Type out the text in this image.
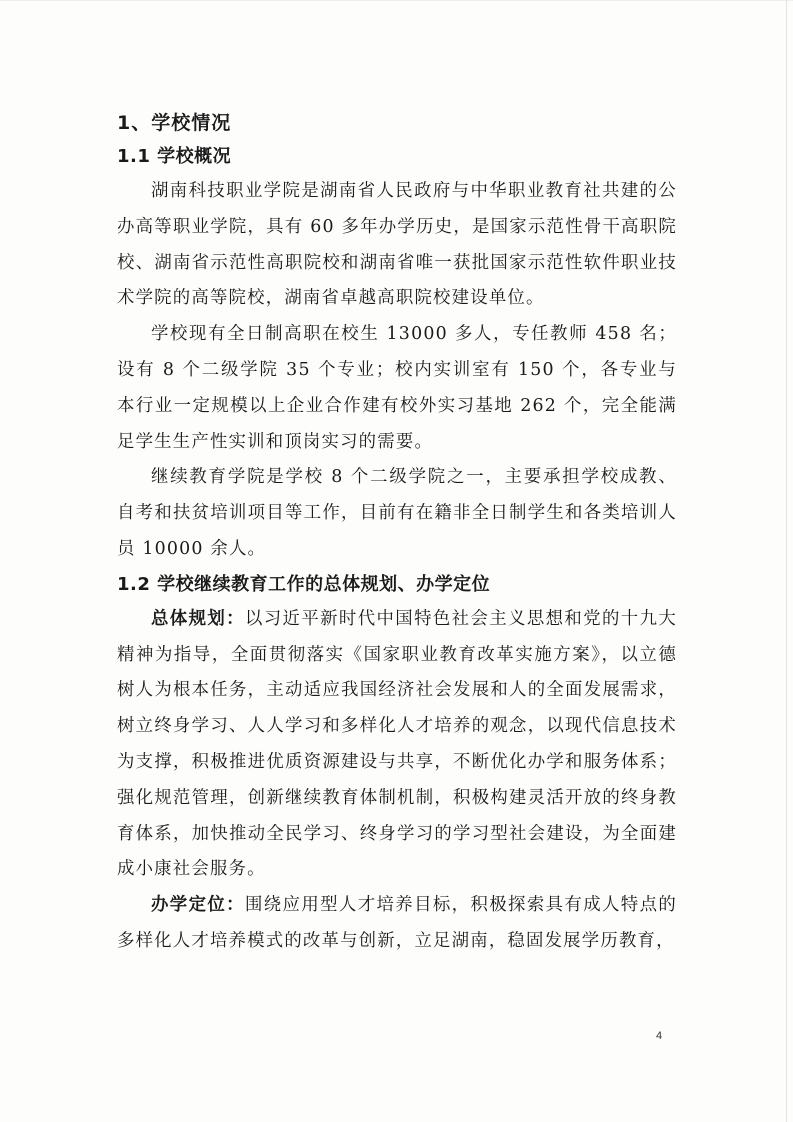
1、学校情况
1.1 学校概况

湖南科技职业学院是湖南省人民政府与中华职业教育社共建的公办高等职业学院，具有 60 多年办学历史，是国家示范性骨干高职院校、湖南省示范性高职院校和湖南省唯一获批国家示范性软件职业技术学院的高等院校，湖南省卓越高职院校建设单位。

学校现有全日制高职在校生 13000 多人，专任教师 458 名；设有 8 个二级学院 35 个专业；校内实训室有 150 个，各专业与本行业一定规模以上企业合作建有校外实习基地 262 个，完全能满足学生生产性实训和顶岗实习的需要。

继续教育学院是学校 8 个二级学院之一，主要承担学校成教、自考和扶贫培训项目等工作，目前有在籍非全日制学生和各类培训人员 10000 余人。

1.2 学校继续教育工作的总体规划、办学定位

总体规划：以习近平新时代中国特色社会主义思想和党的十九大精神为指导，全面贯彻落实《国家职业教育改革实施方案》，以立德树人为根本任务，主动适应我国经济社会发展和人的全面发展需求，树立终身学习、人人学习和多样化人才培养的观念，以现代信息技术为支撑，积极推进优质资源建设与共享，不断优化办学和服务体系；强化规范管理，创新继续教育体制机制，积极构建灵活开放的终身教育体系，加快推动全民学习、终身学习的学习型社会建设，为全面建成小康社会服务。

办学定位：围绕应用型人才培养目标，积极探索具有成人特点的多样化人才培养模式的改革与创新，立足湖南，稳固发展学历教育，

4
